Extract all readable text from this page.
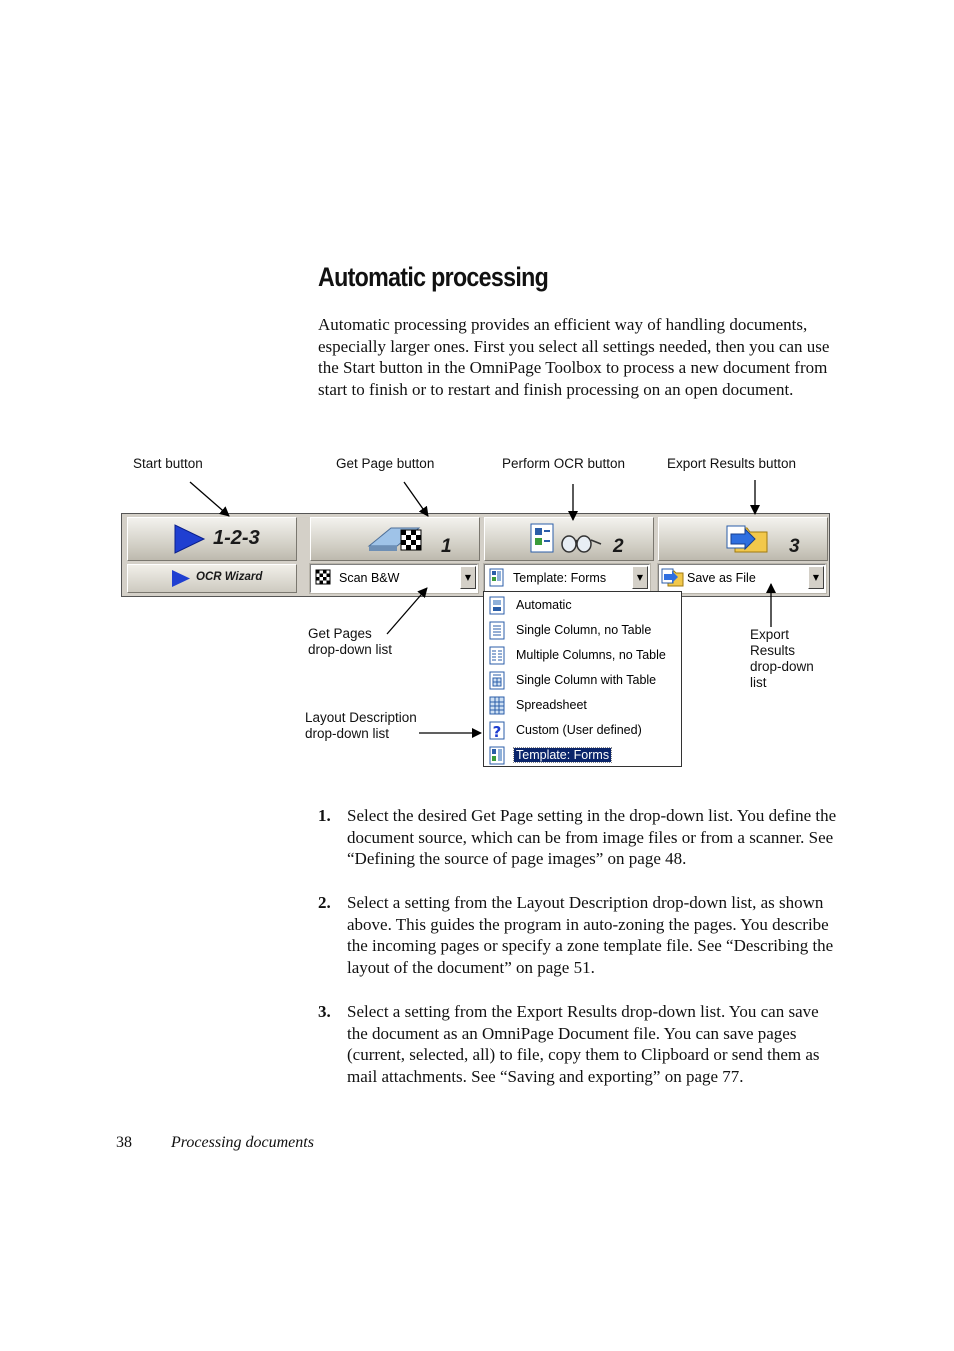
Automatic processing
Automatic processing provides an efficient way of handling documents, especially larger ones. First you select all settings needed, then you can use the Start button in the OmniPage Toolbox to process a new document from start to finish or to restart and finish processing on an open document.
Start button	Get Page button	Perform OCR button	Export Results button
Get Pages
drop-down list
Layout Description
drop-down list
Export
Results
drop-down
list
1-2-3
OCR Wizard
1
Scan B&W	▼
2
Template: Forms	▼
3
Save as File	▼
Automatic
Single Column, no Table
Multiple Columns, no Table
Single Column with Table
Spreadsheet
? Custom (User defined)
Template: Forms
1. Select the desired Get Page setting in the drop-down list. You define the document source, which can be from image files or from a scanner. See “Defining the source of page images” on page 48.
2. Select a setting from the Layout Description drop-down list, as shown above. This guides the program in auto-zoning the pages. You describe the incoming pages or specify a zone template file. See “Describing the layout of the document” on page 51.
3. Select a setting from the Export Results drop-down list. You can save the document as an OmniPage Document file. You can save pages (current, selected, all) to file, copy them to Clipboard or send them as mail attachments. See “Saving and exporting” on page 77.
38 Processing documents
